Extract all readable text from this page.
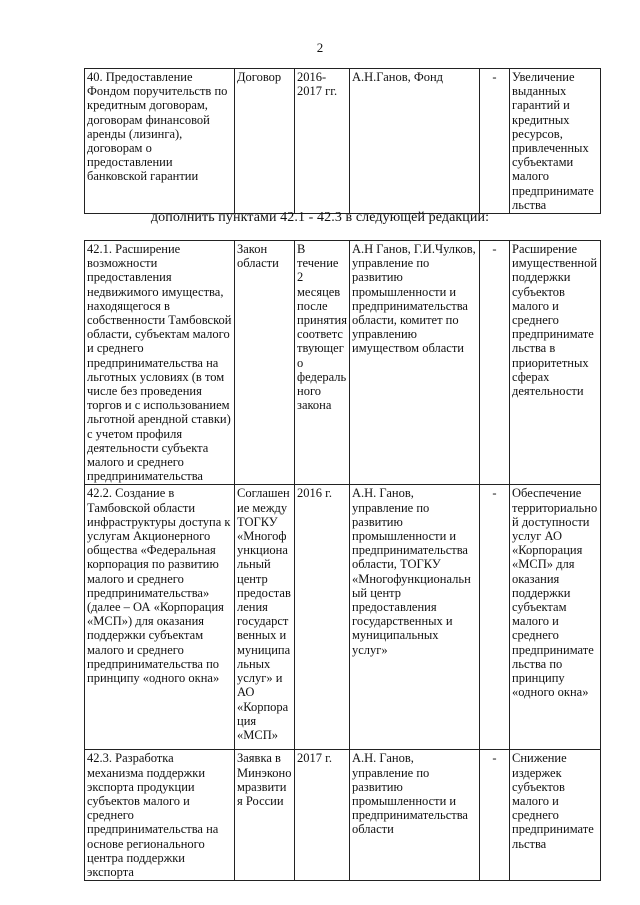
2
40. Предоставление Фондом поручительств по кредитным договорам, договорам финансовой аренды (лизинга), договорам о предоставлении банковской гарантии	Договор	2016-2017 гг.	А.Н.Ганов, Фонд	-	Увеличение выданных гарантий и кредитных ресурсов, привлеченных субъектами малого предпринимательства
дополнить пунктами 42.1 - 42.3 в следующей редакции:
42.1. Расширение возможности предоставления недвижимого имущества, находящегося в собственности Тамбовской области, субъектам малого и среднего предпринимательства на льготных условиях (в том числе без проведения торгов и с использованием льготной арендной ставки) с учетом профиля деятельности субъекта малого и среднего предпринимательства	Закон области	В течение 2 месяцев после принятия соответствующего федерального закона	А.Н Ганов, Г.И.Чулков, управление по развитию промышленности и предпринимательства области, комитет по управлению имуществом области	-	Расширение имущественной поддержки субъектов малого и среднего предпринимательства в приоритетных сферах деятельности
42.2. Создание в Тамбовской области инфраструктуры доступа к услугам Акционерного общества «Федеральная корпорация по развитию малого и среднего предпринимательства» (далее – ОА «Корпорация «МСП») для оказания поддержки субъектам малого и среднего предпринимательства по принципу «одного окна»	Соглашение между ТОГКУ «Многофункциональный центр предоставления государственных и муниципальных услуг» и АО «Корпорация «МСП»	2016 г.	А.Н. Ганов, управление по развитию промышленности и предпринимательства области, ТОГКУ «Многофункциональный центр предоставления государственных и муниципальных услуг»	-	Обеспечение территориальной доступности услуг АО «Корпорация «МСП» для оказания поддержки субъектам малого и среднего предпринимательства по принципу «одного окна»
42.3. Разработка механизма поддержки экспорта продукции субъектов малого и среднего предпринимательства на основе регионального центра поддержки экспорта	Заявка в Минэкономразвития России	2017 г.	А.Н. Ганов, управление по развитию промышленности и предпринимательства области	-	Снижение издержек субъектов малого и среднего предпринимательства
